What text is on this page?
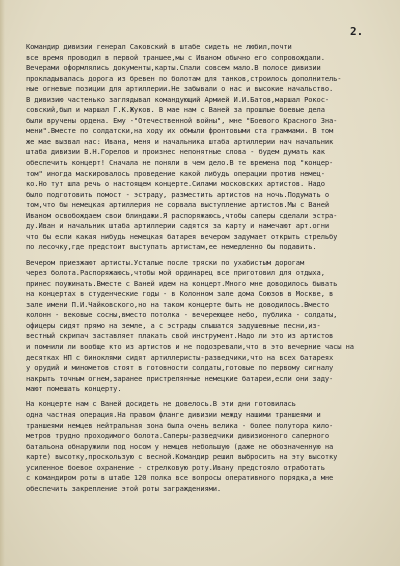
2.

Командир дивизии генерал Саковский в штабе сидеть не любил,почти
все время проводил в первой траншее,мы с Иваном обычно его сопровождали.
Вечерами оформлялись документы,карты.Спали совсем мало.В полосе дивизии
прокладывалась дорога из бревен по болотам для танков,строилось дополнитель-
ные огневые позиции для артиллерии.Не забывали о нас и высокие начальство.
В дивизию частенько заглядывал командующий Армией И.И.Батов,маршал Рокос-
совский,был и маршал Г.К.Жуков. В мае нам с Ваней за прошлые боевые дела
были вручены ордена. Ему -"Отечественной войны", мне "Боевого Красного Зна-
мени".Вместе по солдатски,на ходу их обмыли фронтовыми ста граммами. В том
же мае вызвал нас: Ивана, меня и начальника штаба артиллерии нач начальник
штаба дивизии В.Н.Горелов и произнес непонятные слова - будем думать как
обеспечить концерт! Сначала не поняли в чем дело.В те времена под "концер-
том" иногда маскировалось проведение какой либудь операции против немец-
ко.Но тут шла речь о настоящем концерте.Силами московских артистов. Надо
было подготовить помост - эстраду, разместить артистов на ночь.Подумать о
том,что бы немецкая артиллерия не сорвала выступление артистов.Мы с Ваней
Иваном освобождаем свои блиндажи.Я распоряжаюсь,чтобы саперы сделали эстра-
ду.Иван и начальник штаба артиллерии садятся за карту и намечают арт.огни
что бы если какая нибудь немецкая батарея вечером задумает открыть стрельбу
по лесочку,где предстоит выступать артистам,ее немедленно бы подавить.
Вечером приезжают артисты.Усталые после тряски по ухабистым дорогам
через болота.Распоряжаюсь,чтобы мой ординарец все приготовил для отдыха,
принес поужинать.Вместе с Ваней идем на концерт.Много мне доводилось бывать
на концертах в студенческие годы - в Колонном зале дома Союзов в Москве, в
зале имени П.И.Чайковского,но на таком концерте быть не доводилось.Вместо
колонн - вековые сосны,вместо потолка - вечереющее небо, публика - солдаты,
офицеры сидят прямо на земле, а с эстрады слышатся задушевные песни,из-
вестный скрипач заставляет плакать свой инструмент.Надо ли это из артистов
и помнили ли вообще кто из артистов и не подозревали,что в это вечерние часы на
десятках НП с биноклями сидят артиллеристы-разведчики,что на всех батареях
у орудий и минометов стоят в готовности солдаты,готовые по первому сигналу
накрыть точным огнем,заранее пристрелянные немецкие батареи,если они заду-
мают помешать концерту.
На концерте нам с Ваней досидеть не довелось.В эти дни готовилась
одна частная операция.На правом фланге дивизии между нашими траншеями и
траншеями немцев нейтральная зона была очень велика - более полутора кило-
метров трудно проходимого болота.Саперы-разведчики дивизионного саперного
батальона обнаружили под носом у немцев небольшую (даже не обозначенную на
карте) высотку,проскользую с весной.Командир решил выбросить на эту высотку
усиленное боевое охранение - стрелковую роту.Ивану предстояло отработать
с командиром роты в штабе 120 полка все вопросы оперативного порядка,а мне
обеспечить закрепление этой роты заграждениями.
